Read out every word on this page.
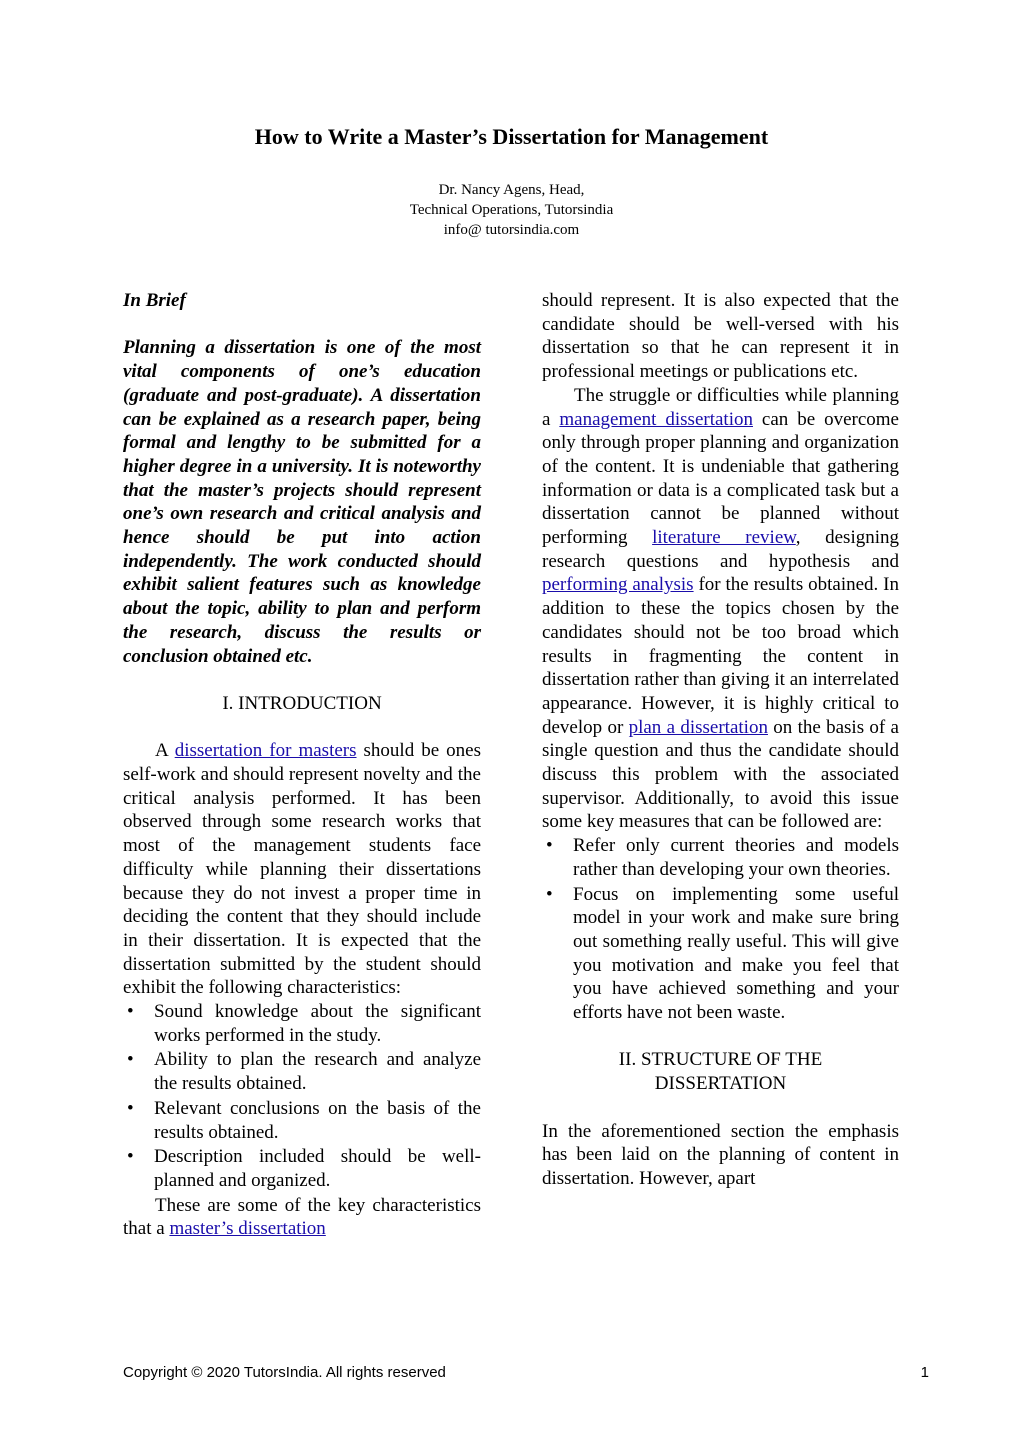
How to Write a Master’s Dissertation for Management
Dr. Nancy Agens, Head,
Technical Operations, Tutorsindia
info@ tutorsindia.com

In Brief

Planning a dissertation is one of the most vital components of one’s education (graduate and post-graduate). A dissertation can be explained as a research paper, being formal and lengthy to be submitted for a higher degree in a university. It is noteworthy that the master’s projects should represent one’s own research and critical analysis and hence should be put into action independently. The work conducted should exhibit salient features such as knowledge about the topic, ability to plan and perform the research, discuss the results or conclusion obtained etc.

I. INTRODUCTION

A dissertation for masters should be ones self-work and should represent novelty and the critical analysis performed. It has been observed through some research works that most of the management students face difficulty while planning their dissertations because they do not invest a proper time in deciding the content that they should include in their dissertation. It is expected that the dissertation submitted by the student should exhibit the following characteristics:

• Sound knowledge about the significant works performed in the study.
• Ability to plan the research and analyze the results obtained.
• Relevant conclusions on the basis of the results obtained.
• Description included should be well-planned and organized.

These are some of the key characteristics that a master’s dissertation

should represent. It is also expected that the candidate should be well-versed with his dissertation so that he can represent it in professional meetings or publications etc.

The struggle or difficulties while planning a management dissertation can be overcome only through proper planning and organization of the content. It is undeniable that gathering information or data is a complicated task but a dissertation cannot be planned without performing literature review, designing research questions and hypothesis and performing analysis for the results obtained. In addition to these the topics chosen by the candidates should not be too broad which results in fragmenting the content in dissertation rather than giving it an interrelated appearance. However, it is highly critical to develop or plan a dissertation on the basis of a single question and thus the candidate should discuss this problem with the associated supervisor. Additionally, to avoid this issue some key measures that can be followed are:

• Refer only current theories and models rather than developing your own theories.
• Focus on implementing some useful model in your work and make sure bring out something really useful. This will give you motivation and make you feel that you have achieved something and your efforts have not been waste.

II. STRUCTURE OF THE
DISSERTATION

In the aforementioned section the emphasis has been laid on the planning of content in dissertation. However, apart

Copyright © 2020 TutorsIndia. All rights reserved	1
